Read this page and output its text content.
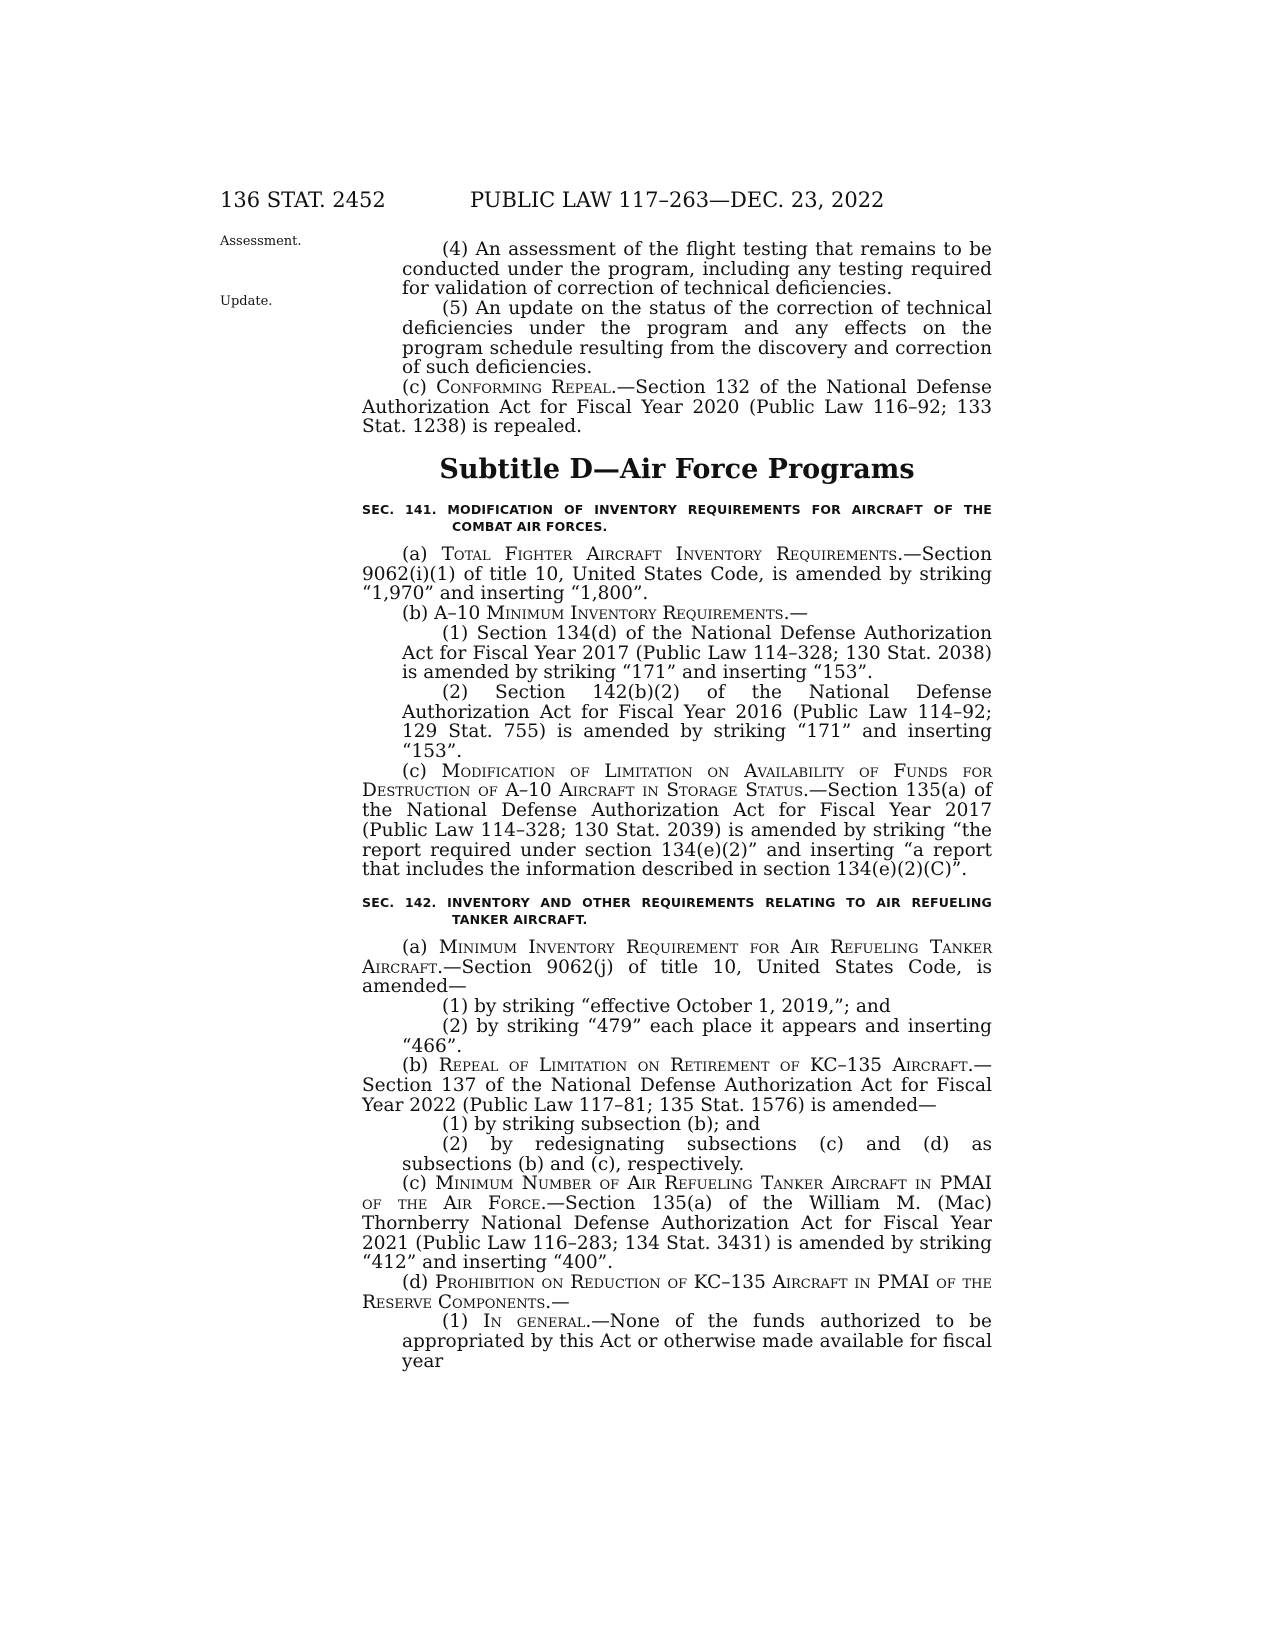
136 STAT. 2452	PUBLIC LAW 117–263—DEC. 23, 2022
Assessment.
Update.

(4) An assessment of the flight testing that remains to be conducted under the program, including any testing required for validation of correction of technical deficiencies.

(5) An update on the status of the correction of technical deficiencies under the program and any effects on the program schedule resulting from the discovery and correction of such deficiencies.

(c) Conforming Repeal.—Section 132 of the National Defense Authorization Act for Fiscal Year 2020 (Public Law 116–92; 133 Stat. 1238) is repealed.

Subtitle D—Air Force Programs
SEC. 141. MODIFICATION OF INVENTORY REQUIREMENTS FOR AIRCRAFT OF THE COMBAT AIR FORCES.

(a) Total Fighter Aircraft Inventory Requirements.—Section 9062(i)(1) of title 10, United States Code, is amended by striking “1,970” and inserting “1,800”.

(b) A–10 Minimum Inventory Requirements.—

(1) Section 134(d) of the National Defense Authorization Act for Fiscal Year 2017 (Public Law 114–328; 130 Stat. 2038) is amended by striking “171” and inserting “153”.

(2) Section 142(b)(2) of the National Defense Authorization Act for Fiscal Year 2016 (Public Law 114–92; 129 Stat. 755) is amended by striking “171” and inserting “153”.

(c) Modification of Limitation on Availability of Funds for Destruction of A–10 Aircraft in Storage Status.—Section 135(a) of the National Defense Authorization Act for Fiscal Year 2017 (Public Law 114–328; 130 Stat. 2039) is amended by striking “the report required under section 134(e)(2)” and inserting “a report that includes the information described in section 134(e)(2)(C)”.

SEC. 142. INVENTORY AND OTHER REQUIREMENTS RELATING TO AIR REFUELING TANKER AIRCRAFT.

(a) Minimum Inventory Requirement for Air Refueling Tanker Aircraft.—Section 9062(j) of title 10, United States Code, is amended—

(1) by striking “effective October 1, 2019,”; and

(2) by striking “479” each place it appears and inserting “466”.

(b) Repeal of Limitation on Retirement of KC–135 Aircraft.—Section 137 of the National Defense Authorization Act for Fiscal Year 2022 (Public Law 117–81; 135 Stat. 1576) is amended—

(1) by striking subsection (b); and

(2) by redesignating subsections (c) and (d) as subsections (b) and (c), respectively.

(c) Minimum Number of Air Refueling Tanker Aircraft in PMAI of the Air Force.—Section 135(a) of the William M. (Mac) Thornberry National Defense Authorization Act for Fiscal Year 2021 (Public Law 116–283; 134 Stat. 3431) is amended by striking “412” and inserting “400”.

(d) Prohibition on Reduction of KC–135 Aircraft in PMAI of the Reserve Components.—

(1) In general.—None of the funds authorized to be appropriated by this Act or otherwise made available for fiscal year
